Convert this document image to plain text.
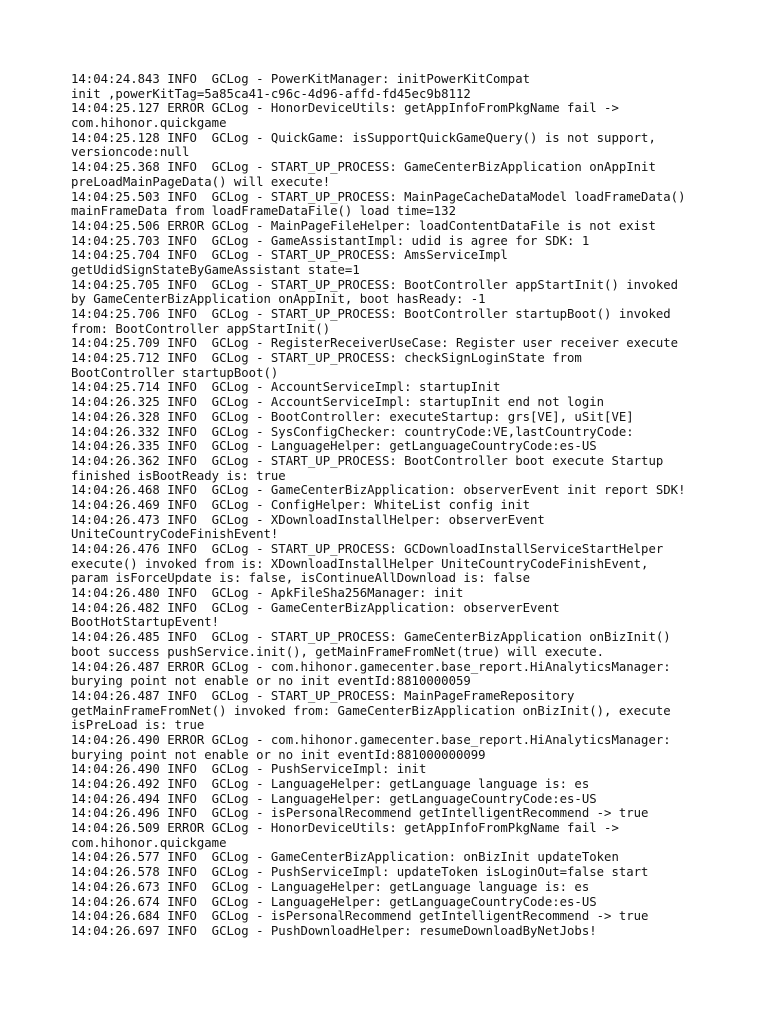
14:04:24.843 INFO  GCLog - PowerKitManager: initPowerKitCompat
init ,powerKitTag=5a85ca41-c96c-4d96-affd-fd45ec9b8112
14:04:25.127 ERROR GCLog - HonorDeviceUtils: getAppInfoFromPkgName fail ->
com.hihonor.quickgame
14:04:25.128 INFO  GCLog - QuickGame: isSupportQuickGameQuery() is not support,
versioncode:null
14:04:25.368 INFO  GCLog - START_UP_PROCESS: GameCenterBizApplication onAppInit
preLoadMainPageData() will execute!
14:04:25.503 INFO  GCLog - START_UP_PROCESS: MainPageCacheDataModel loadFrameData()
mainFrameData from loadFrameDataFile() load time=132
14:04:25.506 ERROR GCLog - MainPageFileHelper: loadContentDataFile is not exist
14:04:25.703 INFO  GCLog - GameAssistantImpl: udid is agree for SDK: 1
14:04:25.704 INFO  GCLog - START_UP_PROCESS: AmsServiceImpl
getUdidSignStateByGameAssistant state=1
14:04:25.705 INFO  GCLog - START_UP_PROCESS: BootController appStartInit() invoked
by GameCenterBizApplication onAppInit, boot hasReady: -1
14:04:25.706 INFO  GCLog - START_UP_PROCESS: BootController startupBoot() invoked
from: BootController appStartInit()
14:04:25.709 INFO  GCLog - RegisterReceiverUseCase: Register user receiver execute
14:04:25.712 INFO  GCLog - START_UP_PROCESS: checkSignLoginState from
BootController startupBoot()
14:04:25.714 INFO  GCLog - AccountServiceImpl: startupInit
14:04:26.325 INFO  GCLog - AccountServiceImpl: startupInit end not login
14:04:26.328 INFO  GCLog - BootController: executeStartup: grs[VE], uSit[VE]
14:04:26.332 INFO  GCLog - SysConfigChecker: countryCode:VE,lastCountryCode:
14:04:26.335 INFO  GCLog - LanguageHelper: getLanguageCountryCode:es-US
14:04:26.362 INFO  GCLog - START_UP_PROCESS: BootController boot execute Startup
finished isBootReady is: true
14:04:26.468 INFO  GCLog - GameCenterBizApplication: observerEvent init report SDK!
14:04:26.469 INFO  GCLog - ConfigHelper: WhiteList config init
14:04:26.473 INFO  GCLog - XDownloadInstallHelper: observerEvent
UniteCountryCodeFinishEvent!
14:04:26.476 INFO  GCLog - START_UP_PROCESS: GCDownloadInstallServiceStartHelper
execute() invoked from is: XDownloadInstallHelper UniteCountryCodeFinishEvent,
param isForceUpdate is: false, isContinueAllDownload is: false
14:04:26.480 INFO  GCLog - ApkFileSha256Manager: init
14:04:26.482 INFO  GCLog - GameCenterBizApplication: observerEvent
BootHotStartupEvent!
14:04:26.485 INFO  GCLog - START_UP_PROCESS: GameCenterBizApplication onBizInit()
boot success pushService.init(), getMainFrameFromNet(true) will execute.
14:04:26.487 ERROR GCLog - com.hihonor.gamecenter.base_report.HiAnalyticsManager:
burying point not enable or no init eventId:8810000059
14:04:26.487 INFO  GCLog - START_UP_PROCESS: MainPageFrameRepository
getMainFrameFromNet() invoked from: GameCenterBizApplication onBizInit(), execute
isPreLoad is: true
14:04:26.490 ERROR GCLog - com.hihonor.gamecenter.base_report.HiAnalyticsManager:
burying point not enable or no init eventId:881000000099
14:04:26.490 INFO  GCLog - PushServiceImpl: init
14:04:26.492 INFO  GCLog - LanguageHelper: getLanguage language is: es
14:04:26.494 INFO  GCLog - LanguageHelper: getLanguageCountryCode:es-US
14:04:26.496 INFO  GCLog - isPersonalRecommend getIntelligentRecommend -> true
14:04:26.509 ERROR GCLog - HonorDeviceUtils: getAppInfoFromPkgName fail ->
com.hihonor.quickgame
14:04:26.577 INFO  GCLog - GameCenterBizApplication: onBizInit updateToken
14:04:26.578 INFO  GCLog - PushServiceImpl: updateToken isLoginOut=false start
14:04:26.673 INFO  GCLog - LanguageHelper: getLanguage language is: es
14:04:26.674 INFO  GCLog - LanguageHelper: getLanguageCountryCode:es-US
14:04:26.684 INFO  GCLog - isPersonalRecommend getIntelligentRecommend -> true
14:04:26.697 INFO  GCLog - PushDownloadHelper: resumeDownloadByNetJobs!
